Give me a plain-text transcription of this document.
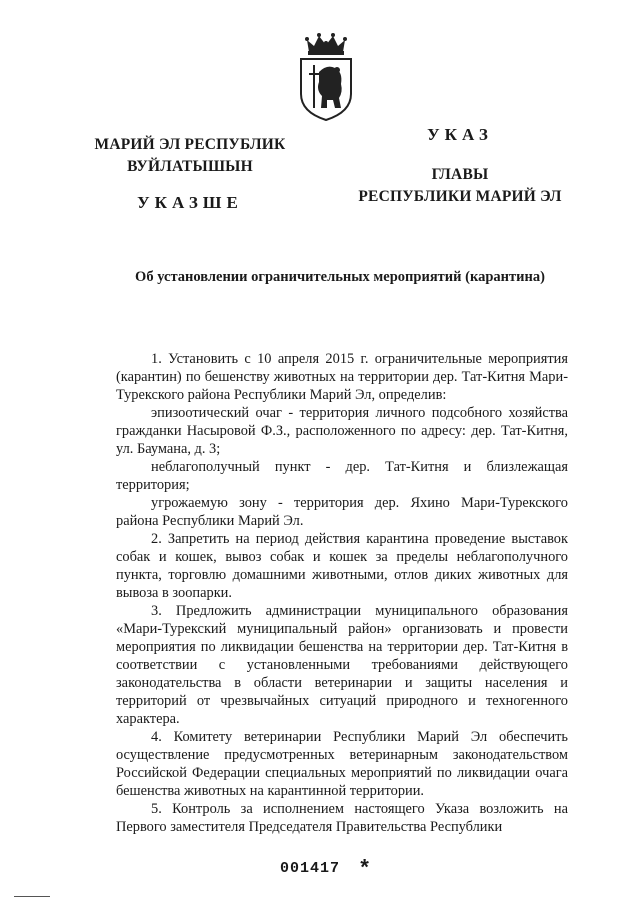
МАРИЙ ЭЛ РЕСПУБЛИК
ВУЙЛАТЫШЫН
УКАЗШЕ
УКАЗ
ГЛАВЫ
РЕСПУБЛИКИ МАРИЙ ЭЛ
Об установлении ограничительных мероприятий (карантина)

1. Установить с 10 апреля 2015 г. ограничительные мероприятия (карантин) по бешенству животных на территории дер. Тат-Китня Мари-Турекского района Республики Марий Эл, определив:

эпизоотический очаг - территория личного подсобного хозяйства гражданки Насыровой Ф.З., расположенного по адресу: дер. Тат-Китня, ул. Баумана, д. 3;

неблагополучный пункт - дер. Тат-Китня и близлежащая территория;

угрожаемую зону - территория дер. Яхино Мари-Турекского района Республики Марий Эл.

2. Запретить на период действия карантина проведение выставок собак и кошек, вывоз собак и кошек за пределы неблагополучного пункта, торговлю домашними животными, отлов диких животных для вывоза в зоопарки.

3. Предложить администрации муниципального образования «Мари-Турекский муниципальный район» организовать и провести мероприятия по ликвидации бешенства на территории дер. Тат-Китня в соответствии с установленными требованиями действующего законодательства в области ветеринарии и защиты населения и территорий от чрезвычайных ситуаций природного и техногенного характера.

4. Комитету ветеринарии Республики Марий Эл обеспечить осуществление предусмотренных ветеринарным законодательством Российской Федерации специальных мероприятий по ликвидации очага бешенства животных на карантинной территории.

5. Контроль за исполнением настоящего Указа возложить на Первого заместителя Председателя Правительства Республики

001417 *
